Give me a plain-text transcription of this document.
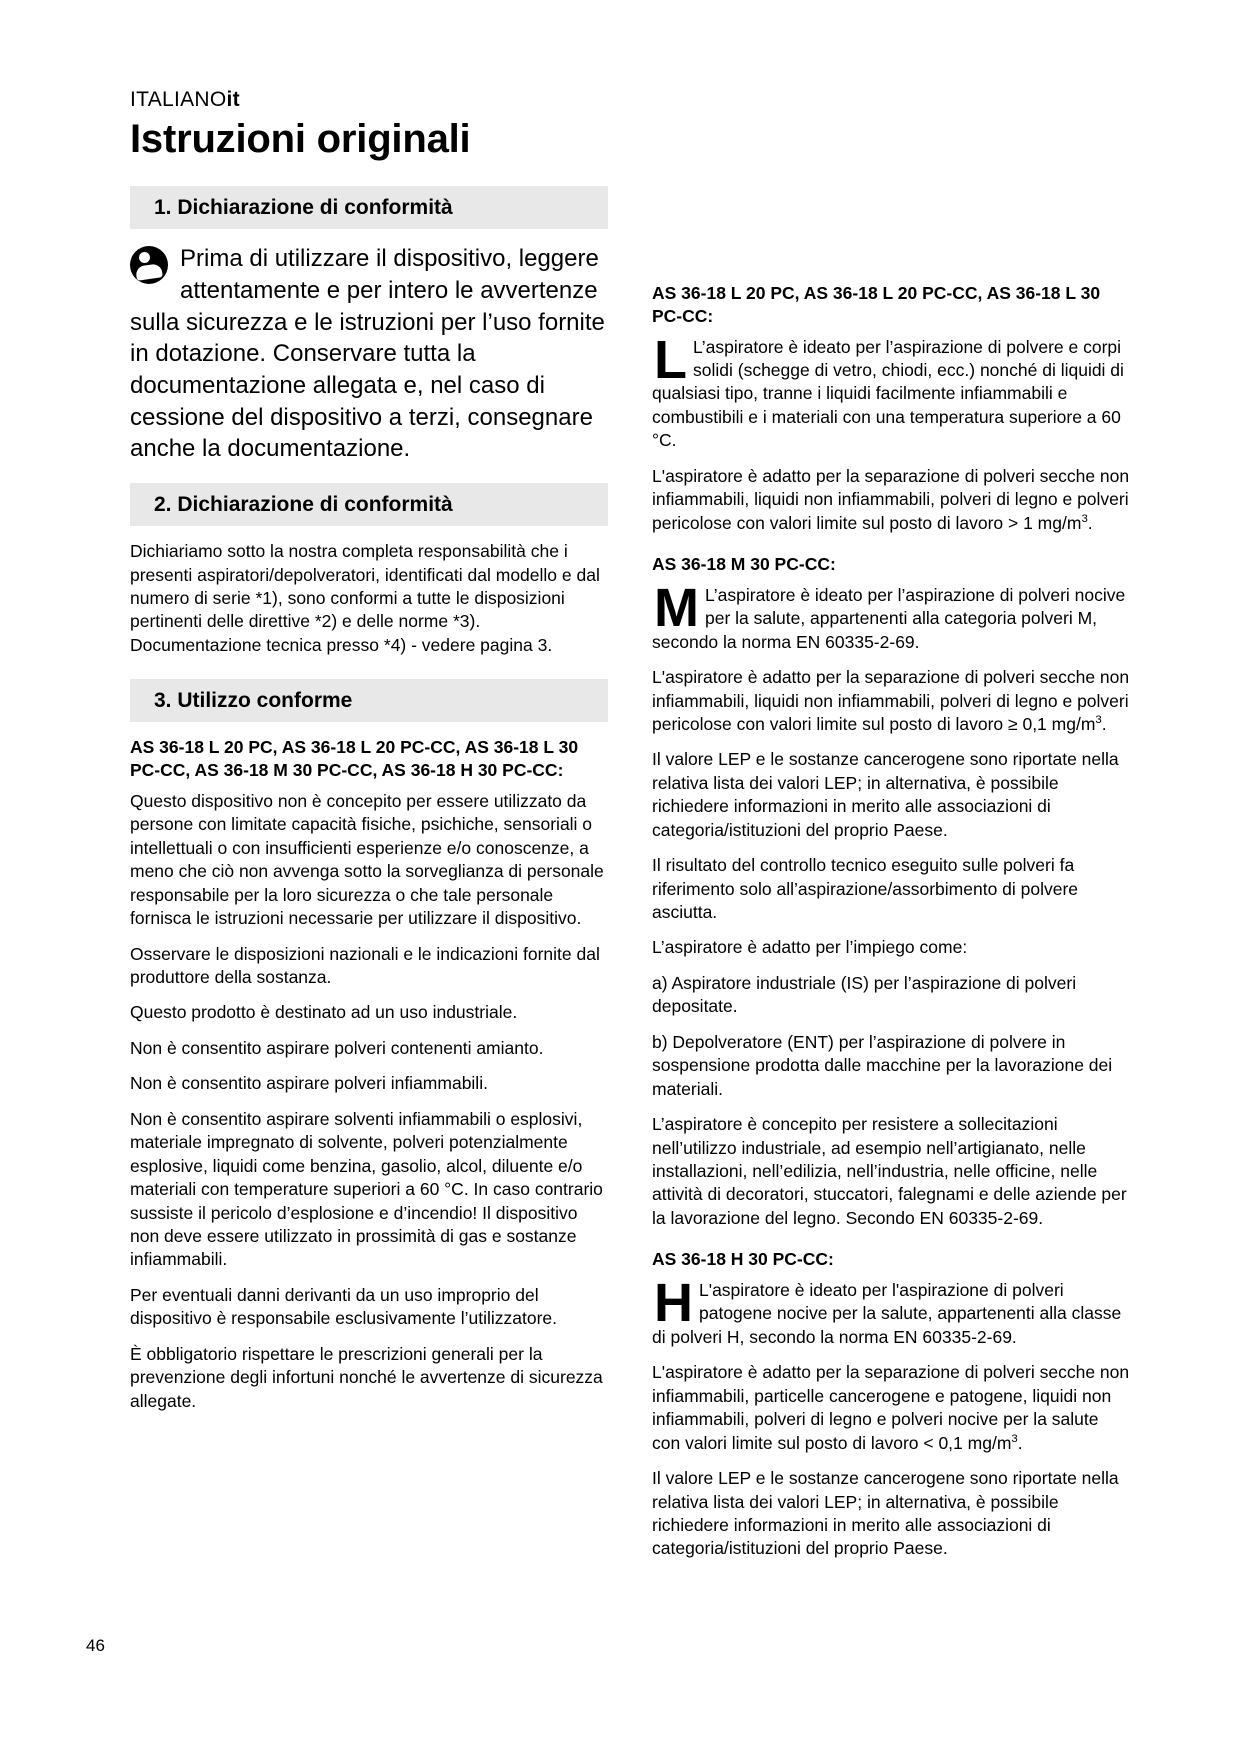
ITALIANOit
Istruzioni originali
1. Dichiarazione di conformità
Prima di utilizzare il dispositivo, leggere attentamente e per intero le avvertenze sulla sicurezza e le istruzioni per l’uso fornite in dotazione. Conservare tutta la documentazione allegata e, nel caso di cessione del dispositivo a terzi, consegnare anche la documentazione.
2. Dichiarazione di conformità

Dichiariamo sotto la nostra completa responsabilità che i presenti aspiratori/depolveratori, identificati dal modello e dal numero di serie *1), sono conformi a tutte le disposizioni pertinenti delle direttive *2) e delle norme *3). Documentazione tecnica presso *4) - vedere pagina 3.

3. Utilizzo conforme
AS 36-18 L 20 PC, AS 36-18 L 20 PC-CC, AS 36-18 L 30 PC-CC, AS 36-18 M 30 PC-CC, AS 36-18 H 30 PC-CC:

Questo dispositivo non è concepito per essere utilizzato da persone con limitate capacità fisiche, psichiche, sensoriali o intellettuali o con insufficienti esperienze e/o conoscenze, a meno che ciò non avvenga sotto la sorveglianza di personale responsabile per la loro sicurezza o che tale personale fornisca le istruzioni necessarie per utilizzare il dispositivo.

Osservare le disposizioni nazionali e le indicazioni fornite dal produttore della sostanza.

Questo prodotto è destinato ad un uso industriale.

Non è consentito aspirare polveri contenenti amianto.

Non è consentito aspirare polveri infiammabili.

Non è consentito aspirare solventi infiammabili o esplosivi, materiale impregnato di solvente, polveri potenzialmente esplosive, liquidi come benzina, gasolio, alcol, diluente e/o materiali con temperature superiori a 60 °C. In caso contrario sussiste il pericolo d’esplosione e d’incendio! Il dispositivo non deve essere utilizzato in prossimità di gas e sostanze infiammabili.

Per eventuali danni derivanti da un uso improprio del dispositivo è responsabile esclusivamente l’utilizzatore.

È obbligatorio rispettare le prescrizioni generali per la prevenzione degli infortuni nonché le avvertenze di sicurezza allegate.

AS 36-18 L 20 PC, AS 36-18 L 20 PC-CC, AS 36-18 L 30 PC-CC:
L L’aspiratore è ideato per l’aspirazione di polvere e corpi solidi (schegge di vetro, chiodi, ecc.) nonché di liquidi di qualsiasi tipo, tranne i liquidi facilmente infiammabili e combustibili e i materiali con una temperatura superiore a 60 °C.

L'aspiratore è adatto per la separazione di polveri secche non infiammabili, liquidi non infiammabili, polveri di legno e polveri pericolose con valori limite sul posto di lavoro > 1 $mg/m^3$.

AS 36-18 M 30 PC-CC:
M L’aspiratore è ideato per l’aspirazione di polveri nocive per la salute, appartenenti alla categoria polveri M, secondo la norma EN 60335-2-69.

L'aspiratore è adatto per la separazione di polveri secche non infiammabili, liquidi non infiammabili, polveri di legno e polveri pericolose con valori limite sul posto di lavoro ≥ 0,1 $mg/m^3$.

Il valore LEP e le sostanze cancerogene sono riportate nella relativa lista dei valori LEP; in alternativa, è possibile richiedere informazioni in merito alle associazioni di categoria/istituzioni del proprio Paese.

Il risultato del controllo tecnico eseguito sulle polveri fa riferimento solo all’aspirazione/assorbimento di polvere asciutta.

L’aspiratore è adatto per l’impiego come:

a) Aspiratore industriale (IS) per l’aspirazione di polveri depositate.

b) Depolveratore (ENT) per l’aspirazione di polvere in sospensione prodotta dalle macchine per la lavorazione dei materiali.

L’aspiratore è concepito per resistere a sollecitazioni nell’utilizzo industriale, ad esempio nell’artigianato, nelle installazioni, nell’edilizia, nell’industria, nelle officine, nelle attività di decoratori, stuccatori, falegnami e delle aziende per la lavorazione del legno. Secondo EN 60335-2-69.

AS 36-18 H 30 PC-CC:
H L'aspiratore è ideato per l'aspirazione di polveri patogene nocive per la salute, appartenenti alla classe di polveri H, secondo la norma EN 60335-2-69.

L'aspiratore è adatto per la separazione di polveri secche non infiammabili, particelle cancerogene e patogene, liquidi non infiammabili, polveri di legno e polveri nocive per la salute con valori limite sul posto di lavoro < 0,1 $mg/m^3$.

Il valore LEP e le sostanze cancerogene sono riportate nella relativa lista dei valori LEP; in alternativa, è possibile richiedere informazioni in merito alle associazioni di categoria/istituzioni del proprio Paese.

46
